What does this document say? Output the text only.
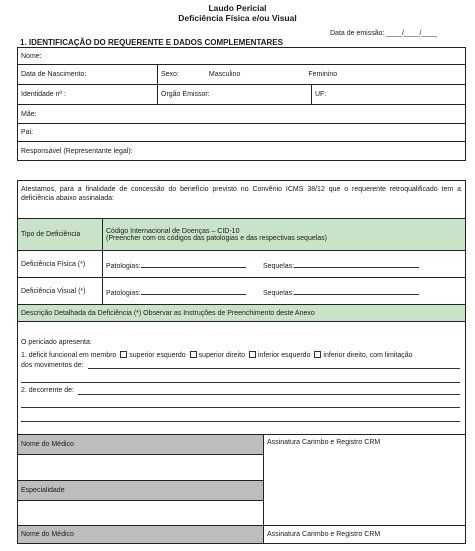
Laudo Pericial
Deficiência Física e/ou Visual
Data de emissão: ____/____/____
1. IDENTIFICAÇÃO DO REQUERENTE E DADOS COMPLEMENTARES
Nome:		
Data de Nascimento:	Sexo: Masculino Feminino	
Identidade nº :	Órgão Emissor:	UF:
Mãe:		
Pai:		
Responsável (Representante legal):		
Atestamos, para a finalidade de concessão do benefício previsto no Convênio ICMS 38/12 que o requerente retroqualificado tem a deficiência abaixo assinalada:
Tipo de Deficiência	Código Internacional de Doenças – CID-10
(Preencher com os códigos das patologias e das respectivas sequelas)

Deficiência Física (*)	Patologias: Sequelas:
Deficiência Visual (*)	Patologias: Sequelas:
Descrição Detalhada da Deficiência (*) Observar as Instruções de Preenchimento deste Anexo	
O periciado apresenta:
1. déficit funcional em membro superior esquerdo superior direito inferior esquerdo inferior direito, com limitação
dos movimentos de:
2. decorrente de:
Nome do Médico	Assinatura Carimbo e Registro CRM

Especialidade	

Nome do Médico	Assinatura Carimbo e Registro CRM
